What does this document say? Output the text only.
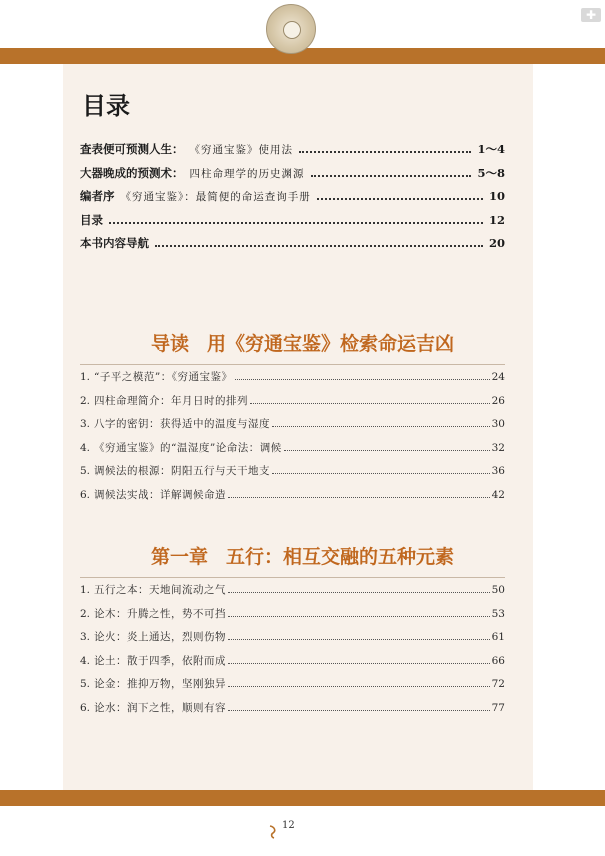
✚
目录
查表便可预测人生： 《穷通宝鉴》使用法	1～4
大器晚成的预测术： 四柱命理学的历史渊源	5～8
编者序 《穷通宝鉴》：最简便的命运查询手册	10
目录	12
本书内容导航	20
导读 用《穷通宝鉴》检索命运吉凶
1. “子平之模范”：《穷通宝鉴》	24
2. 四柱命理简介：年月日时的排列	26
3. 八字的密钥：获得适中的温度与湿度	30
4. 《穷通宝鉴》的“温湿度”论命法：调候	32
5. 调候法的根源：阴阳五行与天干地支	36
6. 调候法实战：详解调候命造	42
第一章 五行：相互交融的五种元素
1. 五行之本：天地间流动之气	50
2. 论木：升腾之性，势不可挡	53
3. 论火：炎上通达，烈则伤物	61
4. 论土：散于四季，依附而成	66
5. 论金：推抑万物，坚刚独异	72
6. 论水：润下之性，顺则有容	77
12
